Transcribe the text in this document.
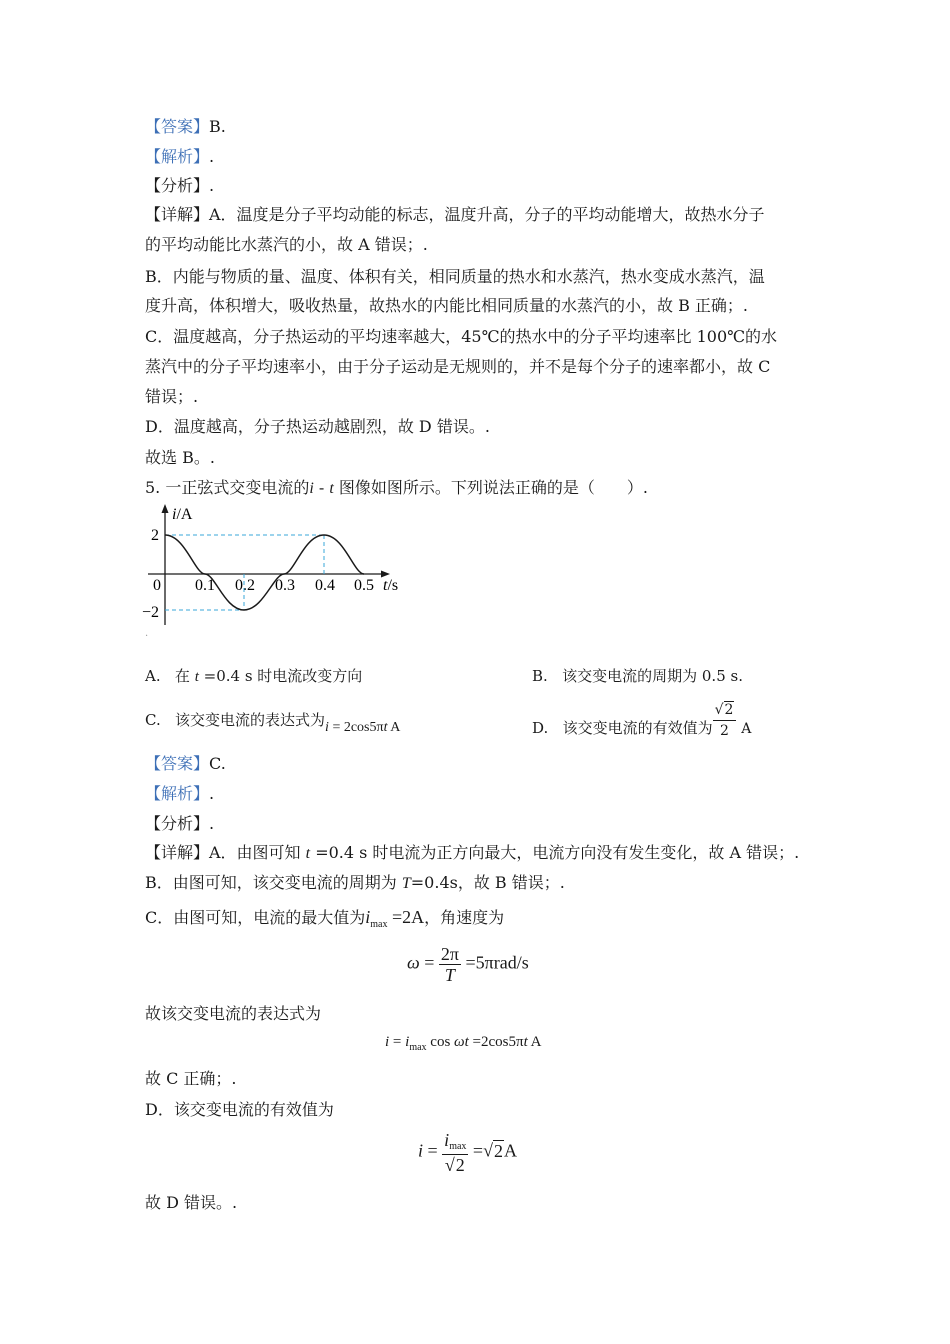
【答案】B.
【解析】.
【分析】.
【详解】A．温度是分子平均动能的标志，温度升高，分子的平均动能增大，故热水分子
的平均动能比水蒸汽的小，故 A 错误；.
B．内能与物质的量、温度、体积有关，相同质量的热水和水蒸汽，热水变成水蒸汽，温
度升高，体积增大，吸收热量，故热水的内能比相同质量的水蒸汽的小，故 B 正确；.
C．温度越高，分子热运动的平均速率越大，45℃的热水中的分子平均速率比 100℃的水
蒸汽中的分子平均速率小，由于分子运动是无规则的，并不是每个分子的速率都小，故 C
错误；.
D．温度越高，分子热运动越剧烈，故 D 错误。.
故选 B。.
5. 一正弦式交变电流的i - t 图像如图所示。下列说法正确的是（　　）.
i/A
t/s
2
−2
0 0.1 0.2 0.3 0.4 0.5
.
A. 在 t =0.4 s 时电流改变方向	B. 该交变电流的周期为 0.5 s.
C. 该交变电流的表达式为i = 2cos5πt A	D. 该交变电流的有效值为 $\frac{√2}{2}$ A
【答案】C.
【解析】.
【分析】.
【详解】A．由图可知 t =0.4 s 时电流为正方向最大，电流方向没有发生变化，故 A 错误；.
B．由图可知，该交变电流的周期为 T=0.4s，故 B 错误；.
C．由图可知，电流的最大值为$i_{max} =2A$，角速度为
$\omega = \frac{2\pi}{T} =5\pi rad/s$
故该交变电流的表达式为
$i = i_{max}$ cos ωt =2cos5πt A
故 C 正确；.
D．该交变电流的有效值为
$i = \frac{imax}{√2} =√2A$
故 D 错误。.
